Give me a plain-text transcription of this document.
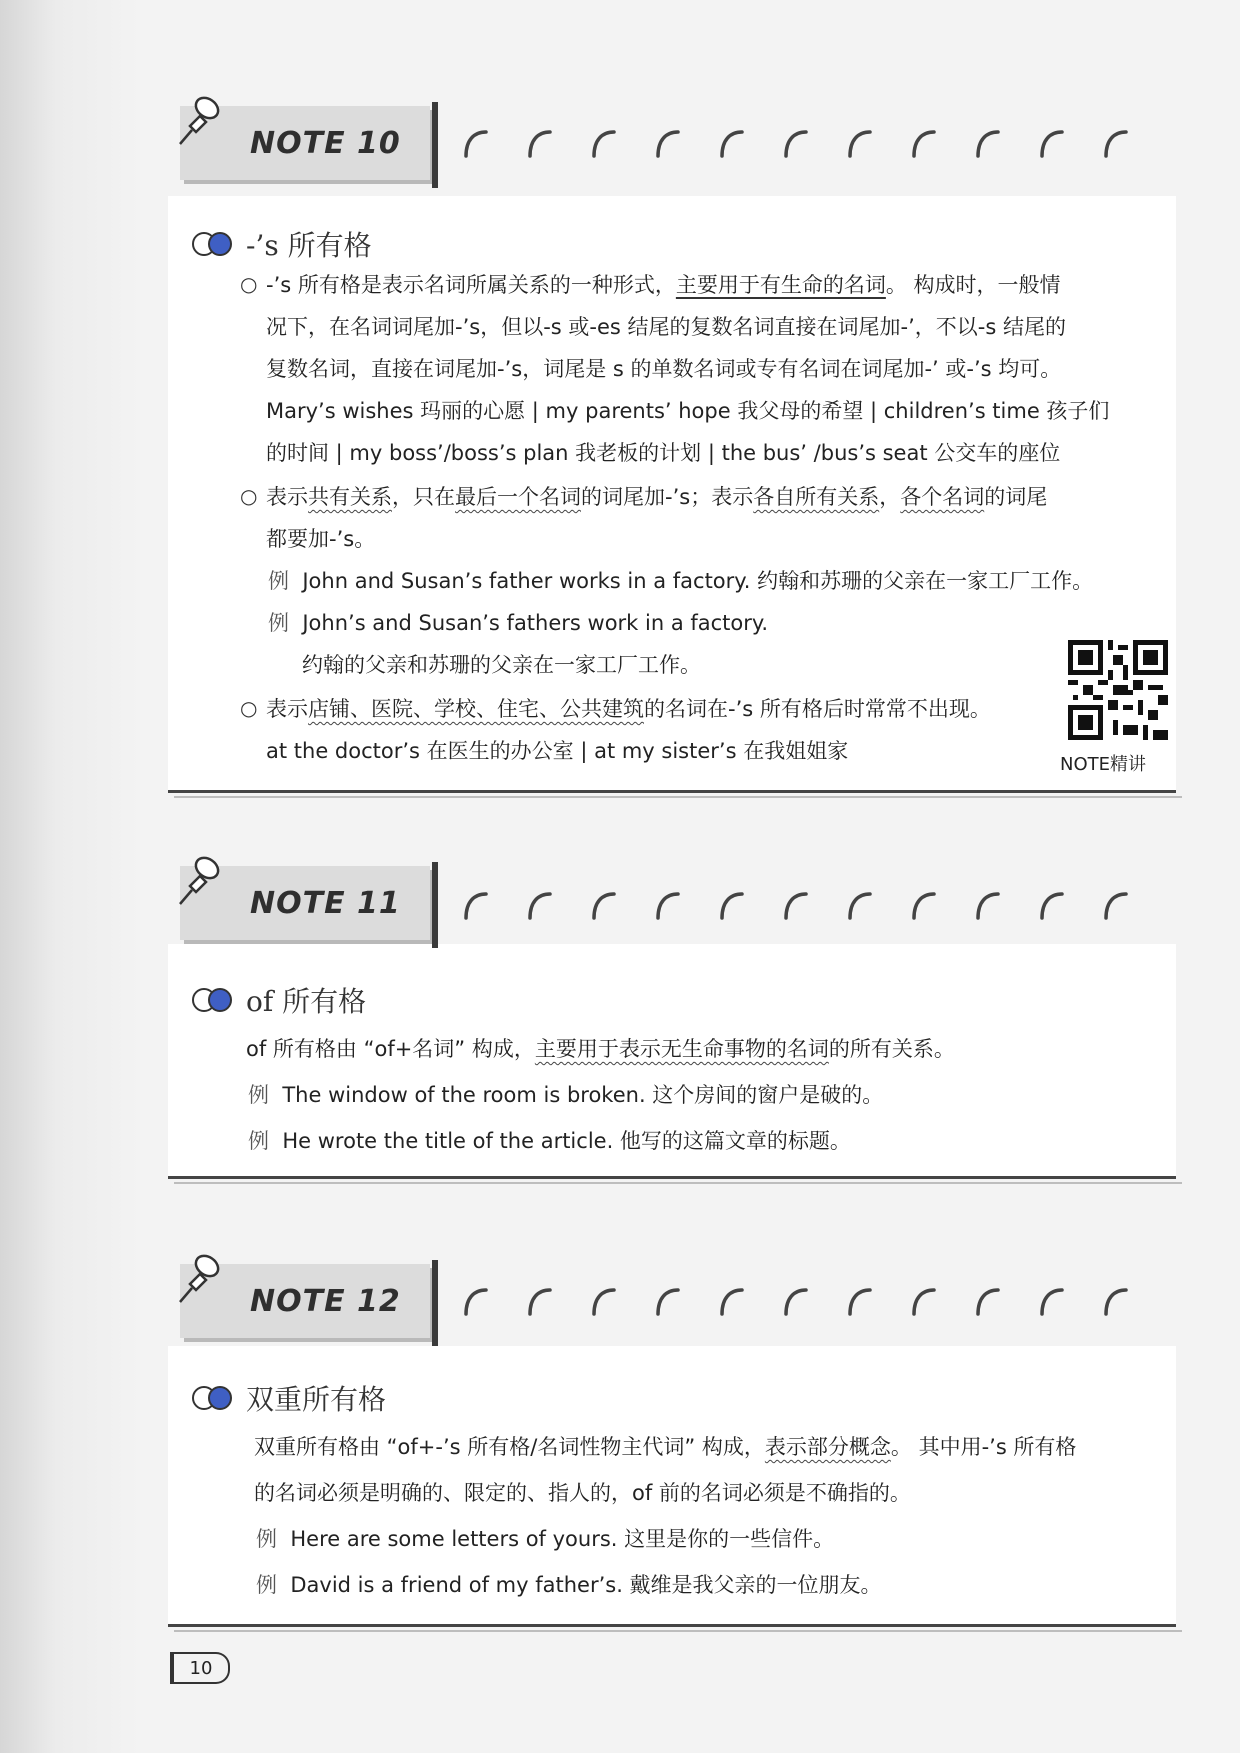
NOTE 10
-’s 所有格
○ -’s 所有格是表示名词所属关系的一种形式，主要用于有生命的名词。 构成时，一般情
况下，在名词词尾加-’s，但以-s 或-es 结尾的复数名词直接在词尾加-’，不以-s 结尾的
复数名词，直接在词尾加-’s，词尾是 s 的单数名词或专有名词在词尾加-’ 或-’s 均可。
Mary’s wishes 玛丽的心愿 | my parents’ hope 我父母的希望 | children’s time 孩子们
的时间 | my boss’/boss’s plan 我老板的计划 | the bus’ /bus’s seat 公交车的座位
○ 表示共有关系，只在最后一个名词的词尾加-’s；表示各自所有关系，各个名词的词尾
都要加-’s。
例 John and Susan’s father works in a factory. 约翰和苏珊的父亲在一家工厂工作。
例 John’s and Susan’s fathers work in a factory.
约翰的父亲和苏珊的父亲在一家工厂工作。
○ 表示店铺、医院、学校、住宅、公共建筑的名词在-’s 所有格后时常常不出现。
at the doctor’s 在医生的办公室 | at my sister’s 在我姐姐家
NOTE精讲
NOTE 11
of 所有格
of 所有格由 “of+名词” 构成，主要用于表示无生命事物的名词的所有关系。
例 The window of the room is broken. 这个房间的窗户是破的。
例 He wrote the title of the article. 他写的这篇文章的标题。
NOTE 12
双重所有格
双重所有格由 “of+-’s 所有格/名词性物主代词” 构成，表示部分概念。 其中用-’s 所有格
的名词必须是明确的、限定的、指人的，of 前的名词必须是不确指的。
例 Here are some letters of yours. 这里是你的一些信件。
例 David is a friend of my father’s. 戴维是我父亲的一位朋友。
10
